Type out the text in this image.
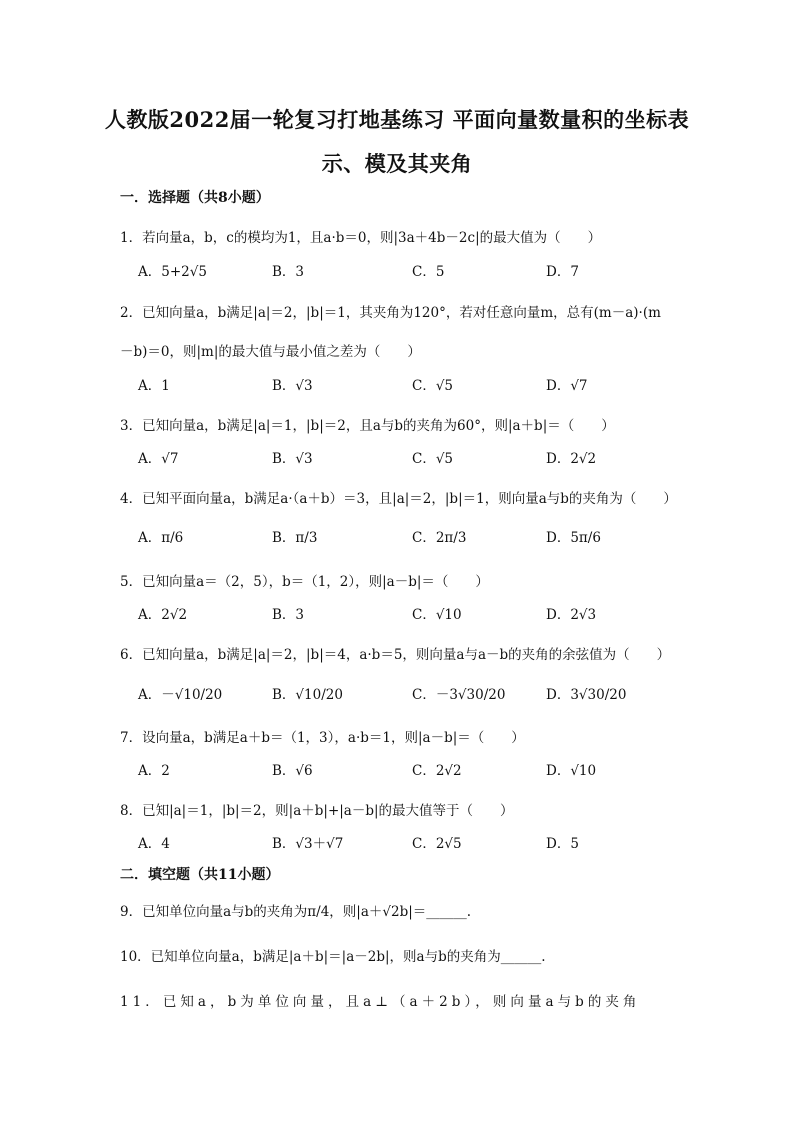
人教版2022届一轮复习打地基练习 平面向量数量积的坐标表
示、模及其夹角
一．选择题（共8小题）
1．若向量a，b，c的模均为1，且a·b＝0，则|3a＋4b－2c|的最大值为（　　）
A．5+2√5	B．3	C．5	D．7
2．已知向量a，b满足|a|＝2，|b|＝1，其夹角为120°，若对任意向量m，总有(m－a)·(m
－b)＝0，则|m|的最大值与最小值之差为（　　）
A．1	B．√3	C．√5	D．√7
3．已知向量a，b满足|a|＝1，|b|＝2，且a与b的夹角为60°，则|a＋b|＝（　　）
A．√7	B．√3	C．√5	D．2√2
4．已知平面向量a，b满足a·（a＋b）＝3，且|a|＝2，|b|＝1，则向量a与b的夹角为（　　）
A．π/6	B．π/3	C．2π/3	D．5π/6
5．已知向量a＝（2，5），b＝（1，2），则|a－b|＝（　　）
A．2√2	B．3	C．√10	D．2√3
6．已知向量a，b满足|a|＝2，|b|＝4，a·b＝5，则向量a与a－b的夹角的余弦值为（　　）
A．－√10/20	B．√10/20	C．－3√30/20	D．3√30/20
7．设向量a，b满足a＋b＝（1，3），a·b＝1，则|a－b|＝（　　）
A．2	B．√6	C．2√2	D．√10
8．已知|a|＝1，|b|＝2，则|a＋b|+|a－b|的最大值等于（　　）
A．4	B．√3＋√7	C．2√5	D．5
二．填空题（共11小题）
9．已知单位向量a与b的夹角为π/4，则|a＋√2b|＝______.
10．已知单位向量a，b满足|a＋b|＝|a－2b|，则a与b的夹角为______.
11．已知a，b为单位向量，且a⊥（a＋2b），则向量a与b的夹角
